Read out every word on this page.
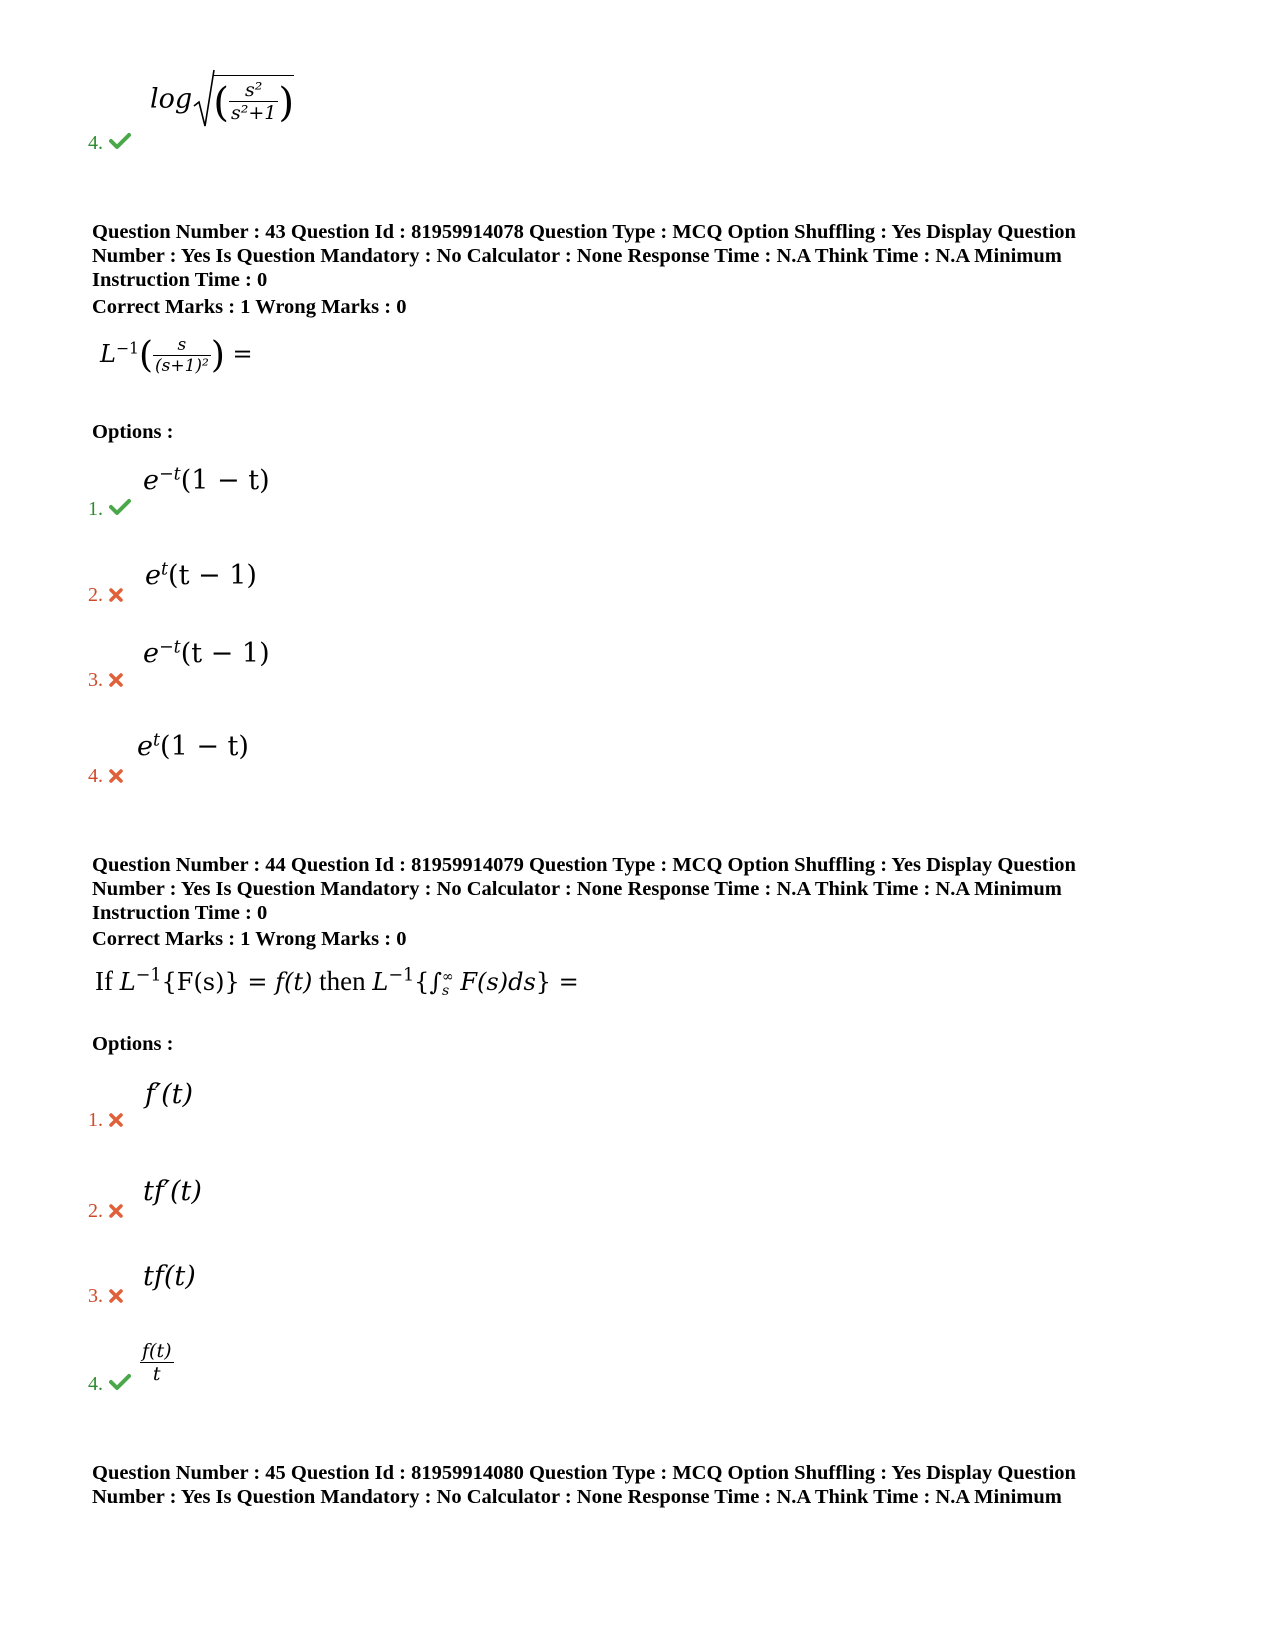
log ( $\frac{\text{s²}}{\text{s²+1}}$ )
4.
Question Number : 43 Question Id : 81959914078 Question Type : MCQ Option Shuffling : Yes Display Question
Number : Yes Is Question Mandatory : No Calculator : None Response Time : N.A Think Time : N.A Minimum
Instruction Time : 0
Correct Marks : 1 Wrong Marks : 0
$L^{-1}( \frac{s}{\text{(s+1)²}}$ ) =
Options :
$e^{-t}(1 - t)$
1.
$e^t(t - 1)$
2.
$e^{-t}(t - 1)$
3.
$e^t(1 - t)$
4.
Question Number : 44 Question Id : 81959914079 Question Type : MCQ Option Shuffling : Yes Display Question
Number : Yes Is Question Mandatory : No Calculator : None Response Time : N.A Think Time : N.A Minimum
Instruction Time : 0
Correct Marks : 1 Wrong Marks : 0
If $L^{-1}\{F(s)\} = f(t)$ then $L^{-1}\{\int$ ∞
s F(s)ds} =
Options :
f′(t)
1.
tf′(t)
2.
tf(t)
3.
$\frac{f(t)}{t}$
4.
Question Number : 45 Question Id : 81959914080 Question Type : MCQ Option Shuffling : Yes Display Question
Number : Yes Is Question Mandatory : No Calculator : None Response Time : N.A Think Time : N.A Minimum
